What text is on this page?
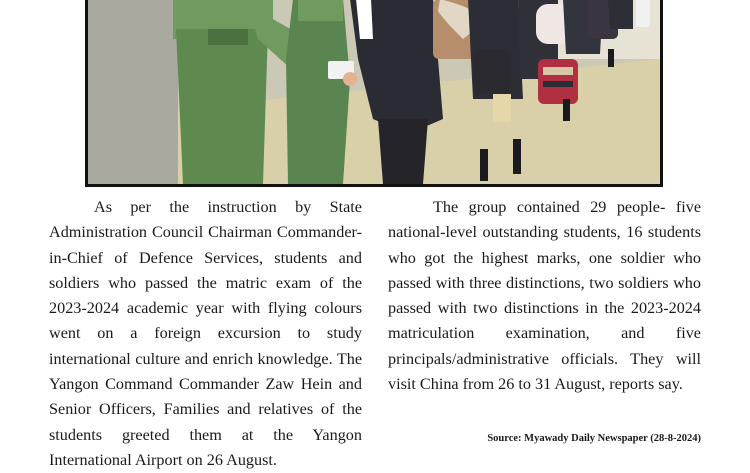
As per the instruction by State Administration Council Chairman Commander-in-Chief of Defence Services, students and soldiers who passed the matric exam of the 2023-2024 academic year with flying colours went on a foreign excursion to study international culture and enrich knowledge. The Yangon Command Commander Zaw Hein and Senior Officers, Families and relatives of the students greeted them at the Yangon International Airport on 26 August.

The group contained 29 people- five national-level outstanding students, 16 students who got the highest marks, one soldier who passed with three distinctions, two soldiers who passed with two distinctions in the 2023-2024 matriculation examination, and five principals/administrative officials. They will visit China from 26 to 31 August, reports say.

Source: Myawady Daily Newspaper (28-8-2024)
